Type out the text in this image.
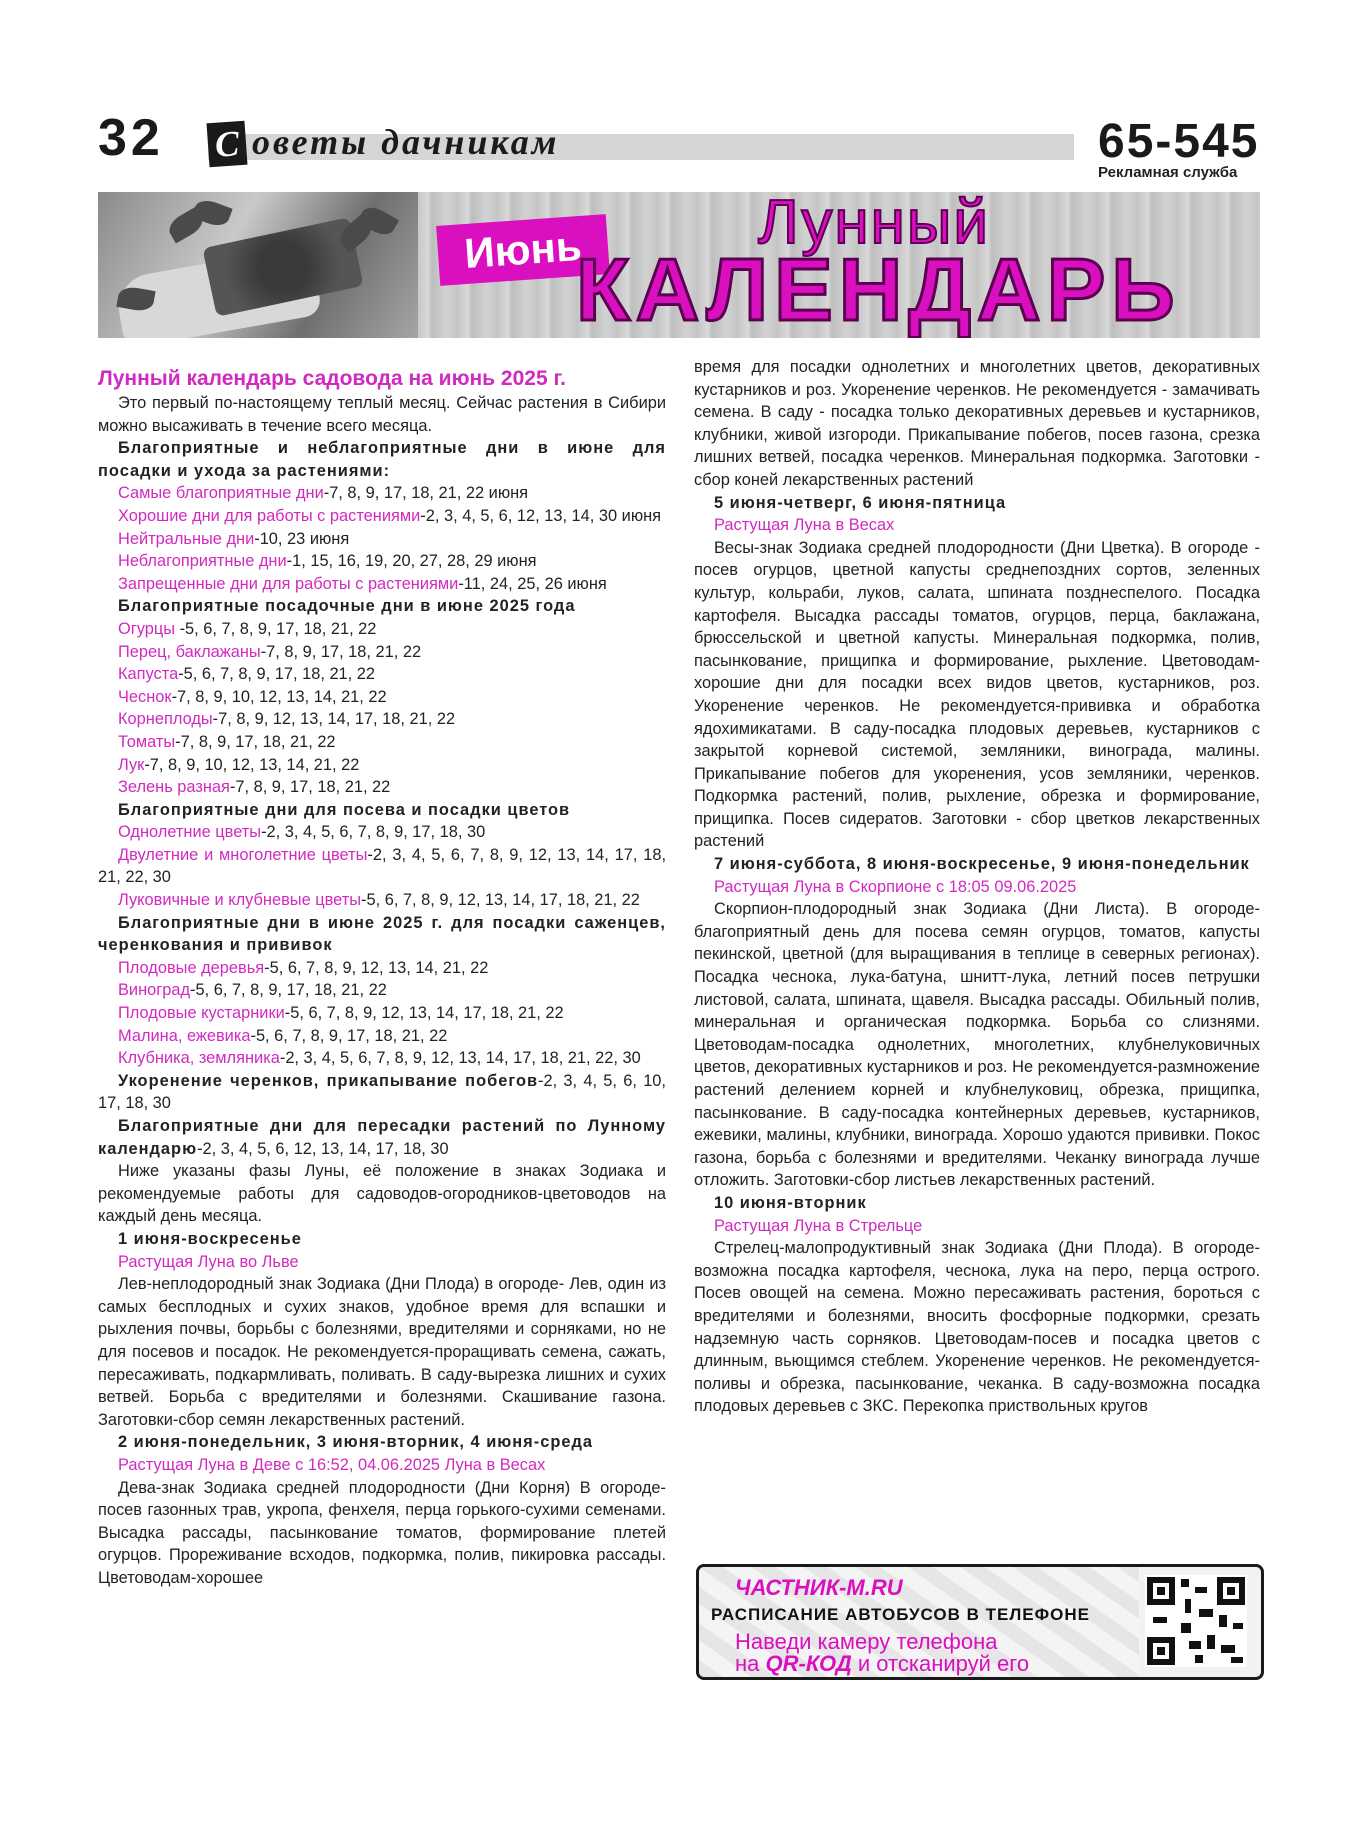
32 С оветы дачникам	65-545
Рекламная служба
Июнь	Лунный
КАЛЕНДАРЬ

Лунный календарь садовода на июнь 2025 г.

Это первый по-настоящему теплый месяц. Сейчас растения в Сибири можно высаживать в течение всего месяца.

Благоприятные и неблагоприятные дни в июне для посадки и ухода за растениями:

Самые благоприятные дни-7, 8, 9, 17, 18, 21, 22 июня

Хорошие дни для работы с растениями-2, 3, 4, 5, 6, 12, 13, 14, 30 июня

Нейтральные дни-10, 23 июня

Неблагоприятные дни-1, 15, 16, 19, 20, 27, 28, 29 июня

Запрещенные дни для работы с растениями-11, 24, 25, 26 июня

Благоприятные посадочные дни в июне 2025 года

Огурцы -5, 6, 7, 8, 9, 17, 18, 21, 22

Перец, баклажаны-7, 8, 9, 17, 18, 21, 22

Капуста-5, 6, 7, 8, 9, 17, 18, 21, 22

Чеснок-7, 8, 9, 10, 12, 13, 14, 21, 22

Корнеплоды-7, 8, 9, 12, 13, 14, 17, 18, 21, 22

Томаты-7, 8, 9, 17, 18, 21, 22

Лук-7, 8, 9, 10, 12, 13, 14, 21, 22

Зелень разная-7, 8, 9, 17, 18, 21, 22

Благоприятные дни для посева и посадки цветов

Однолетние цветы-2, 3, 4, 5, 6, 7, 8, 9, 17, 18, 30

Двулетние и многолетние цветы-2, 3, 4, 5, 6, 7, 8, 9, 12, 13, 14, 17, 18, 21, 22, 30

Луковичные и клубневые цветы-5, 6, 7, 8, 9, 12, 13, 14, 17, 18, 21, 22

Благоприятные дни в июне 2025 г. для посадки саженцев, черенкования и прививок

Плодовые деревья-5, 6, 7, 8, 9, 12, 13, 14, 21, 22

Виноград-5, 6, 7, 8, 9, 17, 18, 21, 22

Плодовые кустарники-5, 6, 7, 8, 9, 12, 13, 14, 17, 18, 21, 22

Малина, ежевика-5, 6, 7, 8, 9, 17, 18, 21, 22

Клубника, земляника-2, 3, 4, 5, 6, 7, 8, 9, 12, 13, 14, 17, 18, 21, 22, 30

Укоренение черенков, прикапывание побегов-2, 3, 4, 5, 6, 10, 17, 18, 30

Благоприятные дни для пересадки растений по Лунному календарю-2, 3, 4, 5, 6, 12, 13, 14, 17, 18, 30

Ниже указаны фазы Луны, её положение в знаках Зодиака и рекомендуемые работы для садоводов-огородников-цветоводов на каждый день месяца.

1 июня-воскресенье

Растущая Луна во Льве

Лев-неплодородный знак Зодиака (Дни Плода) в огороде- Лев, один из самых бесплодных и сухих знаков, удобное время для вспашки и рыхления почвы, борьбы с болезнями, вредителями и сорняками, но не для посевов и посадок. Не рекомендуется-проращивать семена, сажать, пересаживать, подкармливать, поливать. В саду-вырезка лишних и сухих ветвей. Борьба с вредителями и болезнями. Скашивание газона. Заготовки-сбор семян лекарственных растений.

2 июня-понедельник, 3 июня-вторник, 4 июня-среда

Растущая Луна в Деве с 16:52, 04.06.2025 Луна в Весах

Дева-знак Зодиака средней плодородности (Дни Корня) В огороде-посев газонных трав, укропа, фенхеля, перца горького-сухими семенами. Высадка рассады, пасынкование томатов, формирование плетей огурцов. Прореживание всходов, подкормка, полив, пикировка рассады. Цветоводам-хорошее

время для посадки однолетних и многолетних цветов, декоративных кустарников и роз. Укоренение черенков. Не рекомендуется - замачивать семена. В саду - посадка только декоративных деревьев и кустарников, клубники, живой изгороди. Прикапывание побегов, посев газона, срезка лишних ветвей, посадка черенков. Минеральная подкормка. Заготовки - сбор коней лекарственных растений

5 июня-четверг, 6 июня-пятница

Растущая Луна в Весах

Весы-знак Зодиака средней плодородности (Дни Цветка). В огороде - посев огурцов, цветной капусты среднепоздних сортов, зеленных культур, кольраби, луков, салата, шпината позднеспелого. Посадка картофеля. Высадка рассады томатов, огурцов, перца, баклажана, брюссельской и цветной капусты. Минеральная подкормка, полив, пасынкование, прищипка и формирование, рыхление. Цветоводам-хорошие дни для посадки всех видов цветов, кустарников, роз. Укоренение черенков. Не рекомендуется-прививка и обработка ядохимикатами. В саду-посадка плодовых деревьев, кустарников с закрытой корневой системой, земляники, винограда, малины. Прикапывание побегов для укоренения, усов земляники, черенков. Подкормка растений, полив, рыхление, обрезка и формирование, прищипка. Посев сидератов. Заготовки - сбор цветков лекарственных растений

7 июня-суббота, 8 июня-воскресенье, 9 июня-понедельник

Растущая Луна в Скорпионе с 18:05 09.06.2025

Скорпион-плодородный знак Зодиака (Дни Листа). В огороде-благоприятный день для посева семян огурцов, томатов, капусты пекинской, цветной (для выращивания в теплице в северных регионах). Посадка чеснока, лука-батуна, шнитт-лука, летний посев петрушки листовой, салата, шпината, щавеля. Высадка рассады. Обильный полив, минеральная и органическая подкормка. Борьба со слизнями. Цветоводам-посадка однолетних, многолетних, клубнелуковичных цветов, декоративных кустарников и роз. Не рекомендуется-размножение растений делением корней и клубнелуковиц, обрезка, прищипка, пасынкование. В саду-посадка контейнерных деревьев, кустарников, ежевики, малины, клубники, винограда. Хорошо удаются прививки. Покос газона, борьба с болезнями и вредителями. Чеканку винограда лучше отложить. Заготовки-сбор листьев лекарственных растений.

10 июня-вторник

Растущая Луна в Стрельце

Стрелец-малопродуктивный знак Зодиака (Дни Плода). В огороде-возможна посадка картофеля, чеснока, лука на перо, перца острого. Посев овощей на семена. Можно пересаживать растения, бороться с вредителями и болезнями, вносить фосфорные подкормки, срезать надземную часть сорняков. Цветоводам-посев и посадка цветов с длинным, вьющимся стеблем. Укоренение черенков. Не рекомендуется-поливы и обрезка, пасынкование, чеканка. В саду-возможна посадка плодовых деревьев с ЗКС. Перекопка приствольных кругов

ЧАСТНИК-М.RU
РАСПИСАНИЕ АВТОБУСОВ В ТЕЛЕФОНЕ
Наведи камеру телефона
на QR-КОД и отсканируй его
